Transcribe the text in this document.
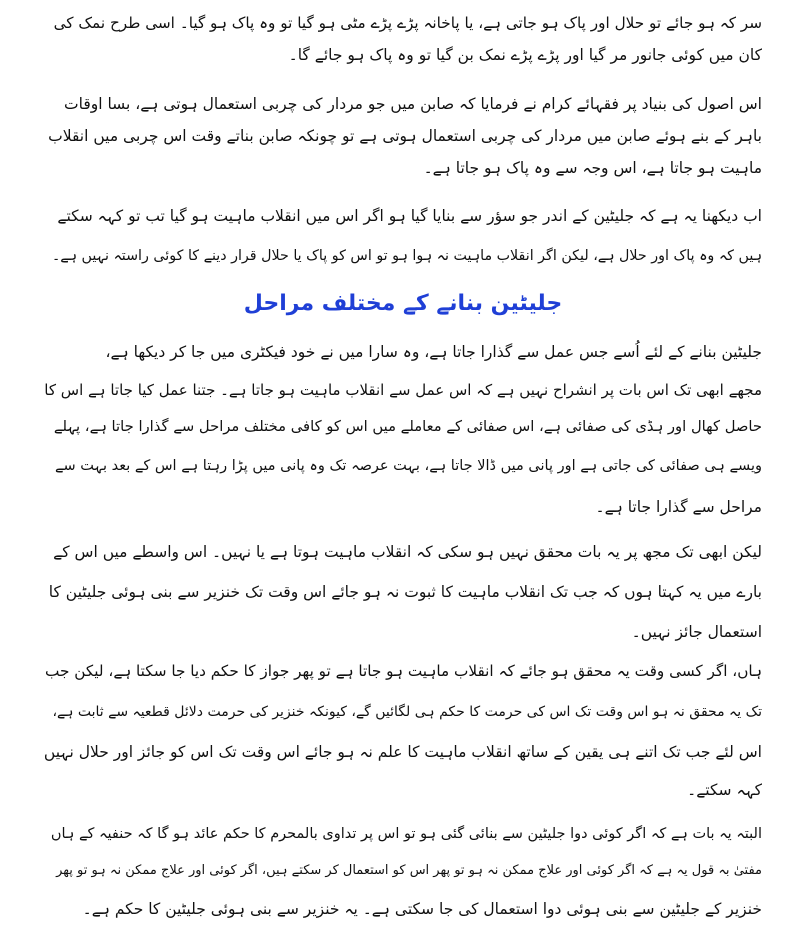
سر کہ ہو جائے تو حلال اور پاک ہو جاتی ہے، یا پاخانہ پڑے پڑے مٹی ہو گیا تو وہ پاک ہو گیا۔ اسی طرح نمک کی
کان میں کوئی جانور مر گیا اور پڑے پڑے نمک بن گیا تو وہ پاک ہو جائے گا۔
اس اصول کی بنیاد پر فقہائے کرام نے فرمایا کہ صابن میں جو مردار کی چربی استعمال ہوتی ہے، بسا اوقات
باہر کے بنے ہوئے صابن میں مردار کی چربی استعمال ہوتی ہے تو چونکہ صابن بناتے وقت اس چربی میں انقلاب
ماہیت ہو جاتا ہے، اس وجہ سے وہ پاک ہو جاتا ہے۔
اب دیکھنا یہ ہے کہ جلیٹین کے اندر جو سؤر سے بنایا گیا ہو اگر اس میں انقلاب ماہیت ہو گیا تب تو کہہ سکتے
ہیں کہ وہ پاک اور حلال ہے، لیکن اگر انقلاب ماہیت نہ ہوا ہو تو اس کو پاک یا حلال قرار دینے کا کوئی راستہ نہیں ہے۔
جلیٹین بنانے کے مختلف مراحل
جلیٹین بنانے کے لئے اُسے جس عمل سے گذارا جاتا ہے، وہ سارا میں نے خود فیکٹری میں جا کر دیکھا ہے،
مجھے ابھی تک اس بات پر انشراح نہیں ہے کہ اس عمل سے انقلاب ماہیت ہو جاتا ہے۔ جتنا عمل کیا جاتا ہے اس کا
حاصل کھال اور ہڈی کی صفائی ہے، اس صفائی کے معاملے میں اس کو کافی مختلف مراحل سے گذارا جاتا ہے، پہلے
ویسے ہی صفائی کی جاتی ہے اور پانی میں ڈالا جاتا ہے، بہت عرصہ تک وہ پانی میں پڑا رہتا ہے اس کے بعد بہت سے
مراحل سے گذارا جاتا ہے۔
لیکن ابھی تک مجھ پر یہ بات محقق نہیں ہو سکی کہ انقلاب ماہیت ہوتا ہے یا نہیں۔ اس واسطے میں اس کے
بارے میں یہ کہتا ہوں کہ جب تک انقلاب ماہیت کا ثبوت نہ ہو جائے اس وقت تک خنزیر سے بنی ہوئی جلیٹین کا
استعمال جائز نہیں۔
ہاں، اگر کسی وقت یہ محقق ہو جائے کہ انقلاب ماہیت ہو جاتا ہے تو پھر جواز کا حکم دیا جا سکتا ہے، لیکن جب
تک یہ محقق نہ ہو اس وقت تک اس کی حرمت کا حکم ہی لگائیں گے، کیونکہ خنزیر کی حرمت دلائل قطعیہ سے ثابت ہے،
اس لئے جب تک اتنے ہی یقین کے ساتھ انقلاب ماہیت کا علم نہ ہو جائے اس وقت تک اس کو جائز اور حلال نہیں
کہہ سکتے۔
البتہ یہ بات ہے کہ اگر کوئی دوا جلیٹین سے بنائی گئی ہو تو اس پر تداوی بالمحرم کا حکم عائد ہو گا کہ حنفیہ کے ہاں
مفتیٰ بہ قول یہ ہے کہ اگر کوئی اور علاج ممکن نہ ہو تو پھر اس کو استعمال کر سکتے ہیں، اگر کوئی اور علاج ممکن نہ ہو تو پھر
خنزیر کے جلیٹین سے بنی ہوئی دوا استعمال کی جا سکتی ہے۔ یہ خنزیر سے بنی ہوئی جلیٹین کا حکم ہے۔
